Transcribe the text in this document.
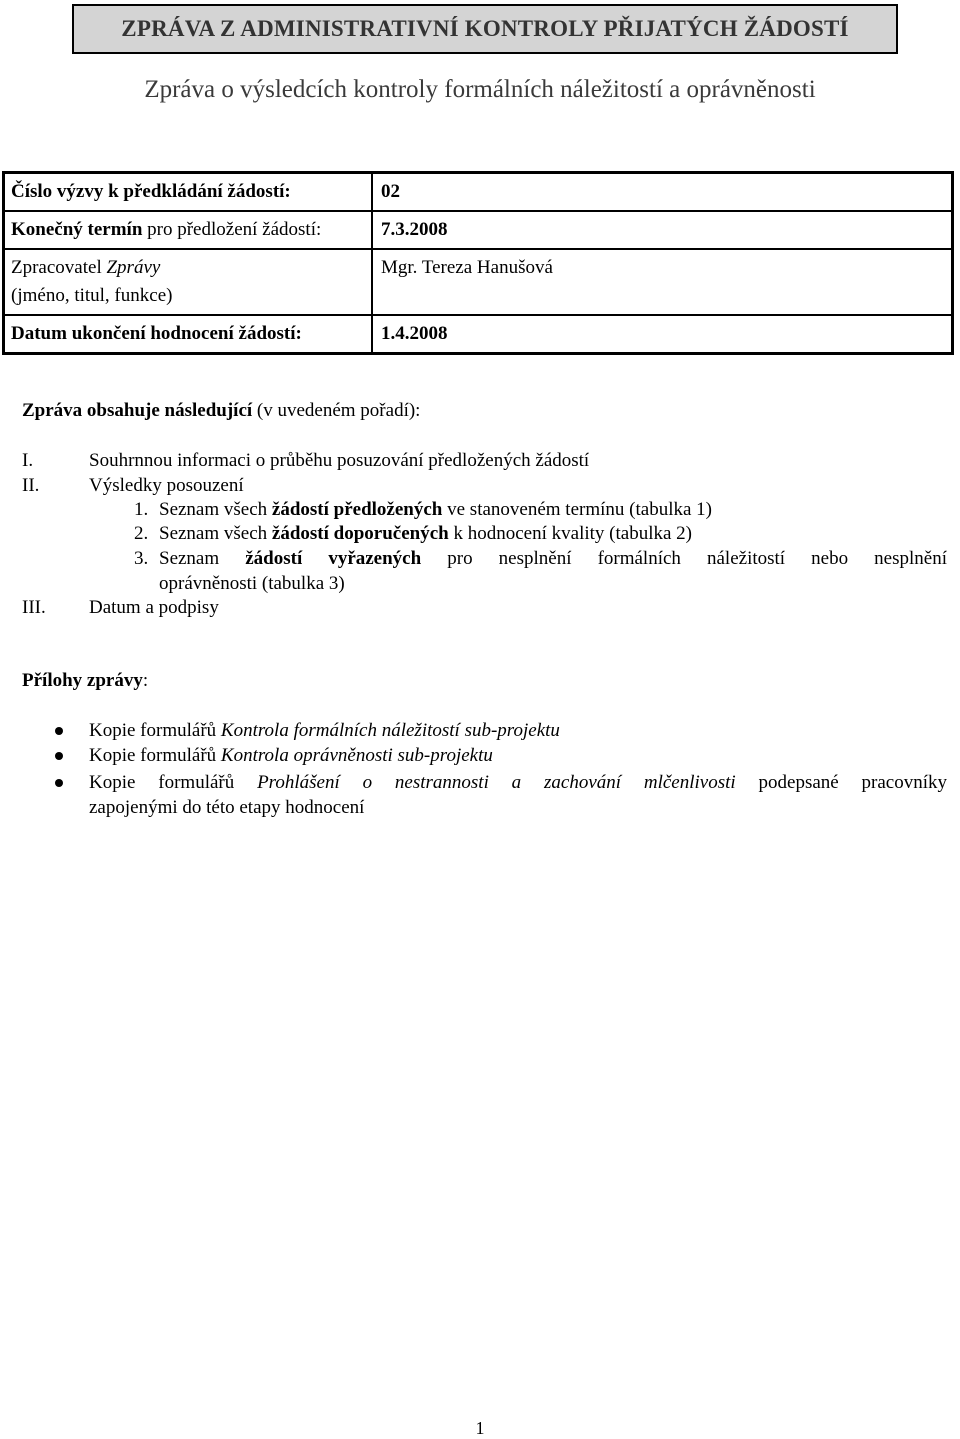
ZPRÁVA Z ADMINISTRATIVNÍ KONTROLY PŘIJATÝCH ŽÁDOSTÍ
Zpráva o výsledcích kontroly formálních náležitostí a oprávněnosti
Číslo výzvy k předkládání žádostí:	02
Konečný termín pro předložení žádostí:	7.3.2008
Zpracovatel Zprávy
(jméno, titul, funkce)	Mgr. Tereza Hanušová
Datum ukončení hodnocení žádostí:	1.4.2008
Zpráva obsahuje následující (v uvedeném pořadí):
I.	Souhrnnou informaci o průběhu posuzování předložených žádostí
II.	Výsledky posouzení
1. Seznam všech žádostí předložených ve stanoveném termínu (tabulka 1)
2. Seznam všech žádostí doporučených k hodnocení kvality (tabulka 2)
3. Seznam žádostí vyřazených pro nesplnění formálních náležitostí nebo nesplnění
oprávněnosti (tabulka 3)
III. Datum a podpisy
Přílohy zprávy:
Kopie formulářů Kontrola formálních náležitostí sub-projektu
Kopie formulářů Kontrola oprávněnosti sub-projektu
Kopie formulářů Prohlášení o nestrannosti a zachování mlčenlivosti podepsané pracovníky
zapojenými do této etapy hodnocení
1
